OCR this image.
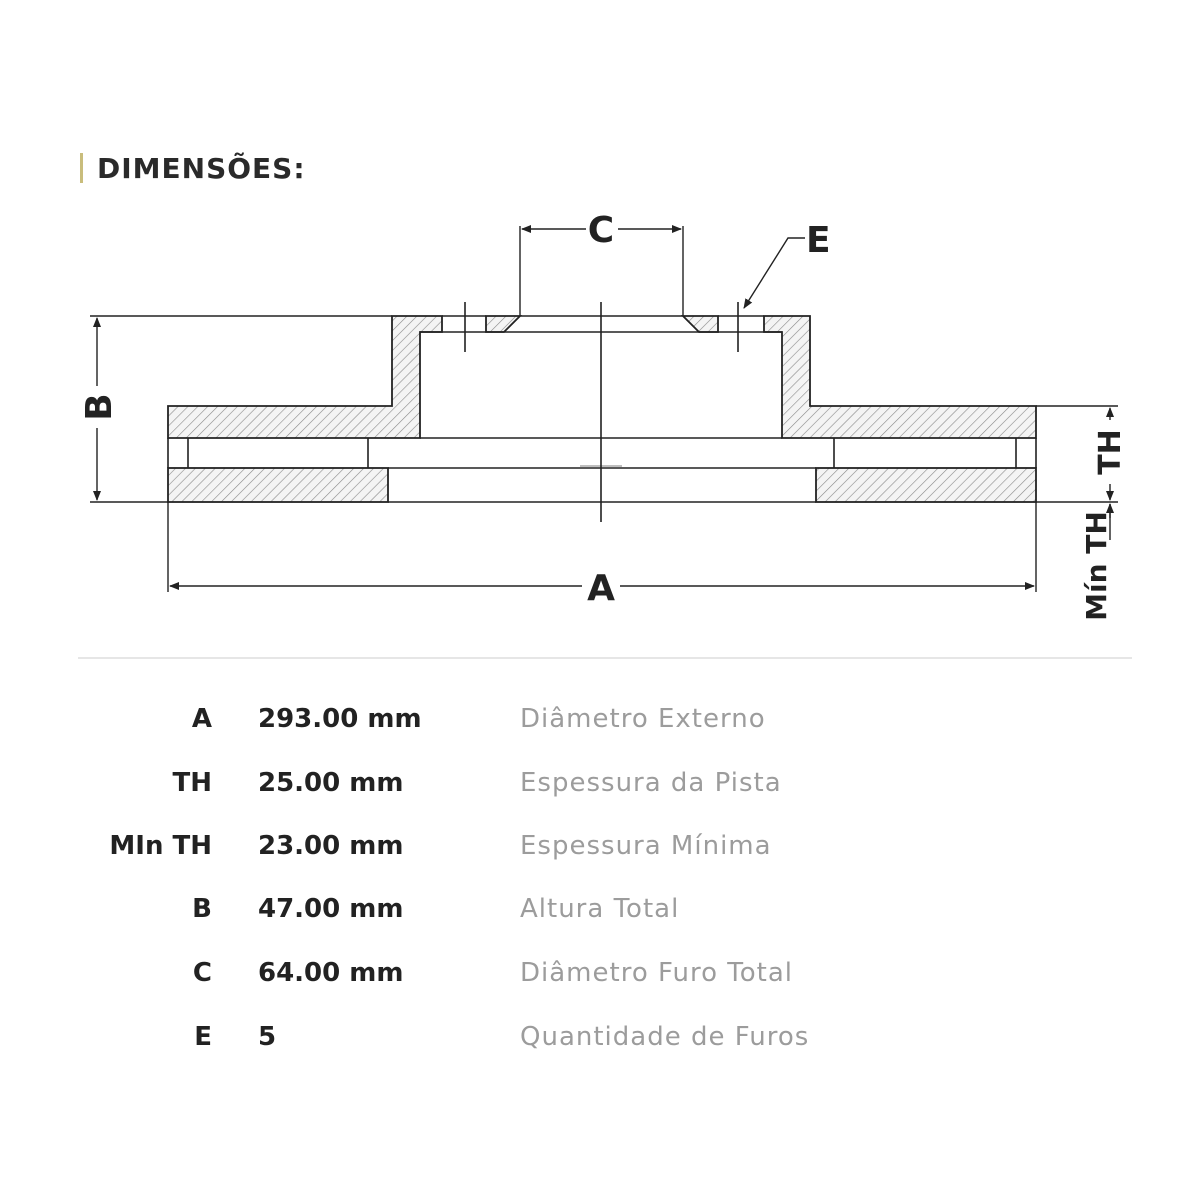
DIMENSÕES:
C	E
B
A
TH
Mín TH
A 293.00 mm	Diâmetro Externo
TH 25.00 mm	Espessura da Pista
MIn TH 23.00 mm	Espessura Mínima
B 47.00 mm	Altura Total
C 64.00 mm	Diâmetro Furo Total
E 5	Quantidade de Furos
